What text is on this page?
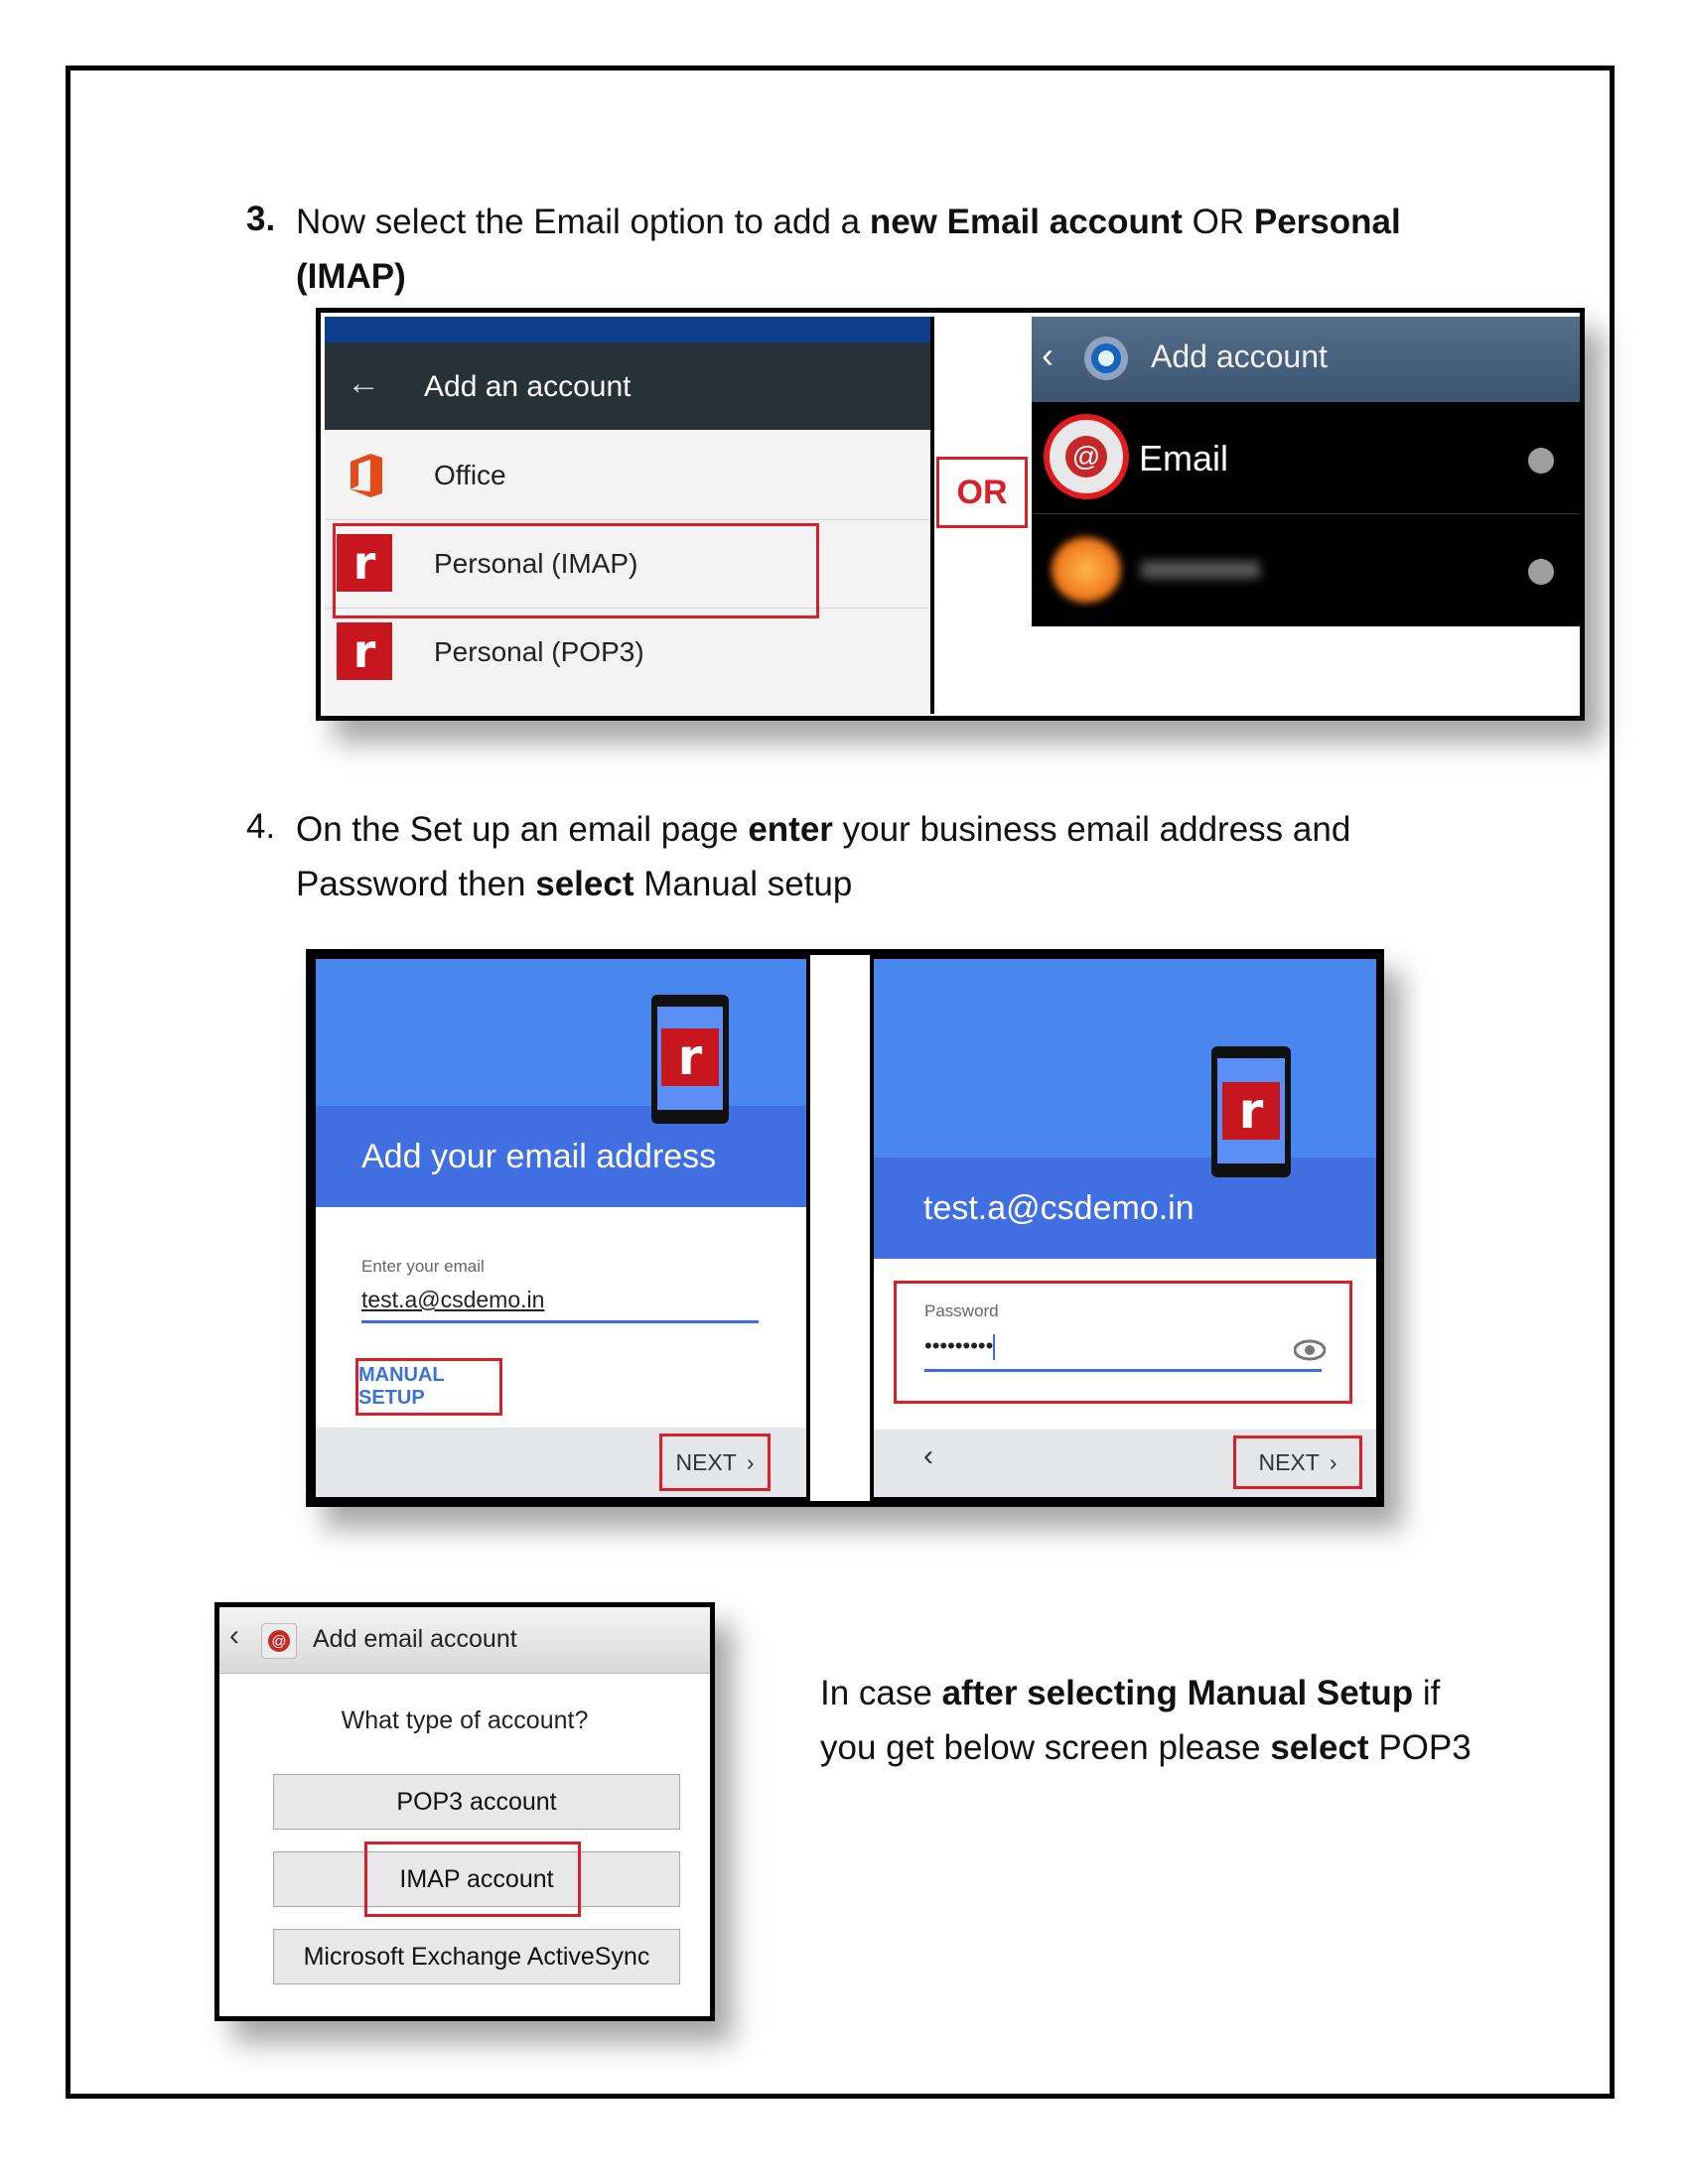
3. Now select the Email option to add a new Email account OR Personal
(IMAP)
← Add an account
Office
r	Personal (IMAP)
r	Personal (POP3)
OR
‹	Add account
@ Email
4. On the Set up an email page enter your business email address and
Password then select Manual setup
r
Add your email address
Enter your email
test.a@csdemo.in
MANUAL SETUP
NEXT ›
r
test.a@csdemo.in
Password
•••••••••
‹	NEXT ›
‹ @ Add email account
What type of account?
POP3 account
IMAP account
Microsoft Exchange ActiveSync
In case after selecting Manual Setup if
you get below screen please select POP3
